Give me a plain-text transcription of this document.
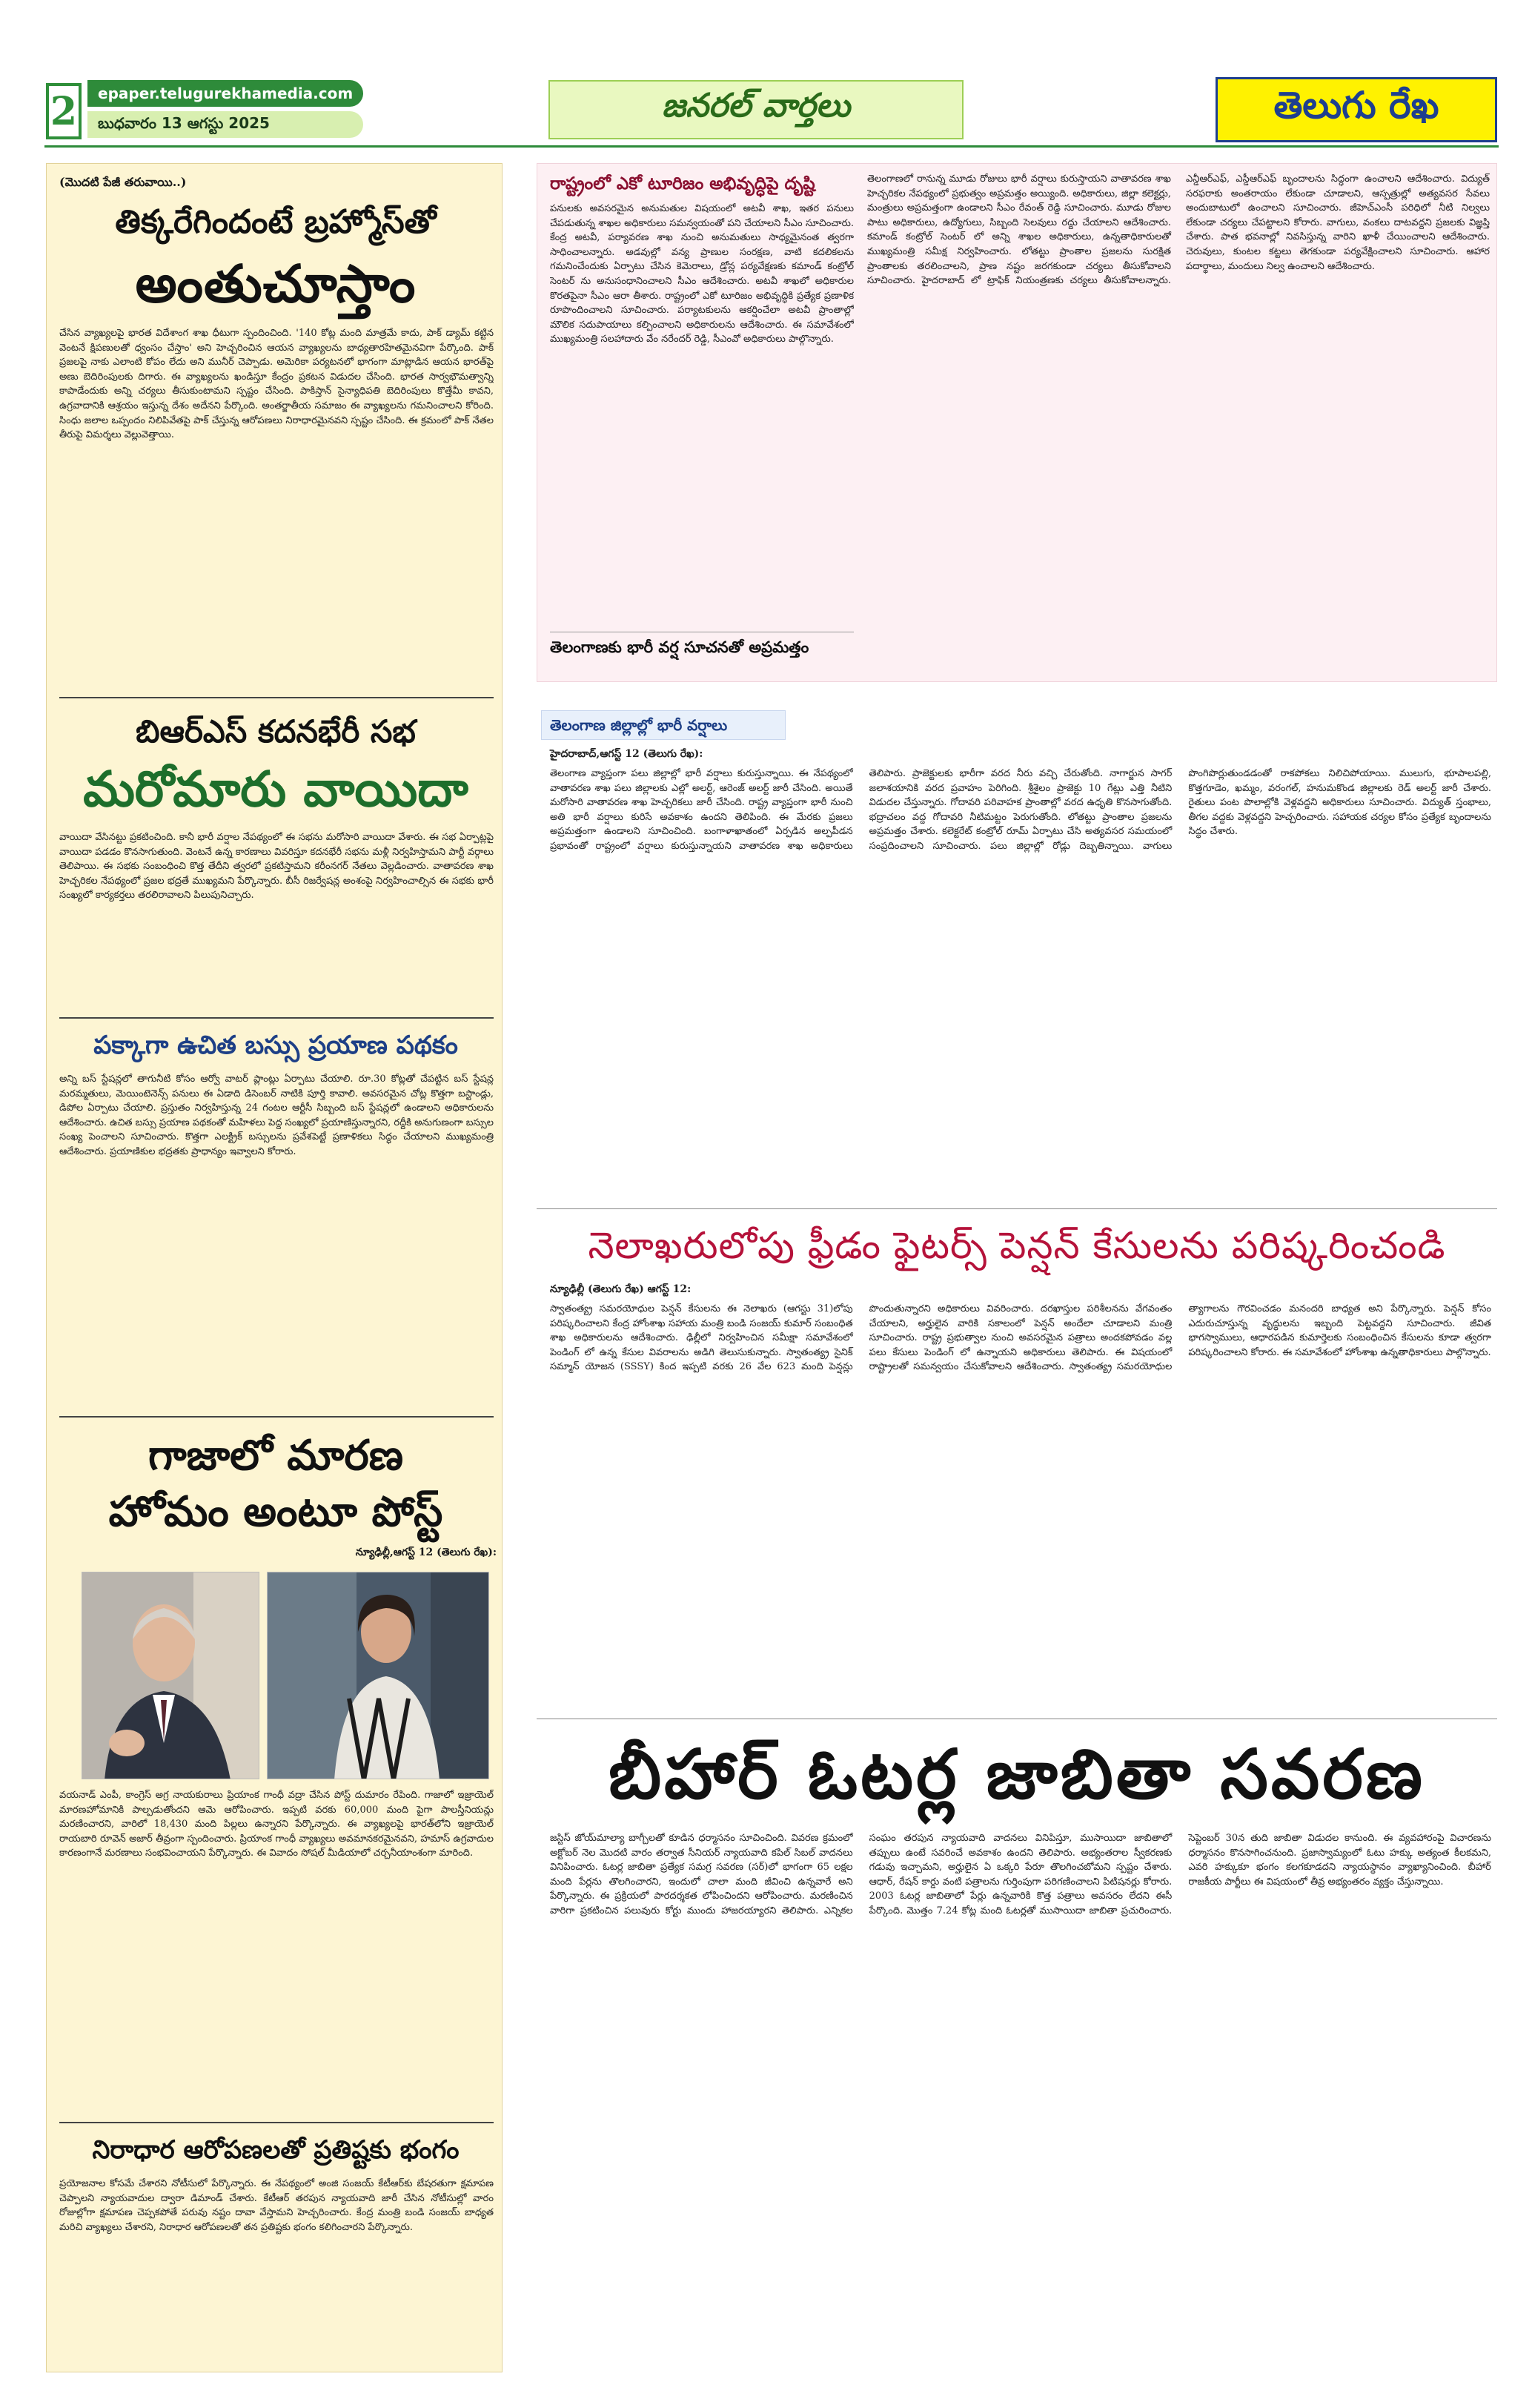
2	epaper.telugurekhamedia.com
బుధవారం 13 ఆగస్టు 2025	జనరల్ వార్తలు	తెలుగు రేఖ
(మొదటి పేజీ తరువాయి..)
తిక్కరేగిందంటే బ్రహ్మోస్‌తో
అంతుచూస్తాం
చేసిన వ్యాఖ్యలపై భారత విదేశాంగ శాఖ ధీటుగా స్పందించింది. '140 కోట్ల మంది మాత్రమే కాదు, పాక్ డ్యామ్ కట్టిన వెంటనే క్షిపణులతో ధ్వంసం చేస్తాం' అని హెచ్చరించిన ఆయన వ్యాఖ్యలను బాధ్యతారహితమైనవిగా పేర్కొంది. పాక్ ప్రజలపై నాకు ఎలాంటి కోపం లేదు అని మునీర్ చెప్పాడు. అమెరికా పర్యటనలో భాగంగా మాట్లాడిన ఆయన భారత్‌పై అణు బెదిరింపులకు దిగారు. ఈ వ్యాఖ్యలను ఖండిస్తూ కేంద్రం ప్రకటన విడుదల చేసింది. భారత సార్వభౌమత్వాన్ని కాపాడేందుకు అన్ని చర్యలు తీసుకుంటామని స్పష్టం చేసింది. పాకిస్తాన్ సైన్యాధిపతి బెదిరింపులు కొత్తేమీ కావని, ఉగ్రవాదానికి ఆశ్రయం ఇస్తున్న దేశం అదేనని పేర్కొంది. అంతర్జాతీయ సమాజం ఈ వ్యాఖ్యలను గమనించాలని కోరింది. సింధు జలాల ఒప్పందం నిలిపివేతపై పాక్ చేస్తున్న ఆరోపణలు నిరాధారమైనవని స్పష్టం చేసింది. ఈ క్రమంలో పాక్ నేతల తీరుపై విమర్శలు వెల్లువెత్తాయి.
బిఆర్ఎస్ కదనభేరీ సభ
మరోమారు వాయిదా
వాయిదా వేసినట్టు ప్రకటించింది. కానీ భారీ వర్షాల నేపథ్యంలో ఈ సభను మరోసారి వాయిదా వేశారు. ఈ సభ ఏర్పాట్లపై వాయిదా పడడం కొనసాగుతుంది. వెంటనే ఉన్న కారణాలు వివరిస్తూ కదనభేరీ సభను మళ్లీ నిర్వహిస్తామని పార్టీ వర్గాలు తెలిపాయి. ఈ సభకు సంబంధించి కొత్త తేదీని త్వరలో ప్రకటిస్తామని కరీంనగర్ నేతలు వెల్లడించారు. వాతావరణ శాఖ హెచ్చరికల నేపథ్యంలో ప్రజల భద్రతే ముఖ్యమని పేర్కొన్నారు. బీసీ రిజర్వేషన్ల అంశంపై నిర్వహించాల్సిన ఈ సభకు భారీ సంఖ్యలో కార్యకర్తలు తరలిరావాలని పిలుపునిచ్చారు.
పక్కాగా ఉచిత బస్సు ప్రయాణ పథకం
అన్ని బస్ స్టేషన్లలో తాగునీటి కోసం ఆర్వో వాటర్ ప్లాంట్లు ఏర్పాటు చేయాలి. రూ.30 కోట్లతో చేపట్టిన బస్ స్టేషన్ల మరమ్మతులు, మెయింటెనెన్స్ పనులు ఈ ఏడాది డిసెంబర్ నాటికి పూర్తి కావాలి. అవసరమైన చోట్ల కొత్తగా బస్టాండ్లు, డిపోల ఏర్పాటు చేయాలి. ప్రస్తుతం నిర్వహిస్తున్న 24 గంటల ఆర్టీసీ సిబ్బంది బస్ స్టేషన్లలో ఉండాలని అధికారులను ఆదేశించారు. ఉచిత బస్సు ప్రయాణ పథకంతో మహిళలు పెద్ద సంఖ్యలో ప్రయాణిస్తున్నారని, రద్దీకి అనుగుణంగా బస్సుల సంఖ్య పెంచాలని సూచించారు. కొత్తగా ఎలక్ట్రిక్ బస్సులను ప్రవేశపెట్టే ప్రణాళికలు సిద్ధం చేయాలని ముఖ్యమంత్రి ఆదేశించారు. ప్రయాణికుల భద్రతకు ప్రాధాన్యం ఇవ్వాలని కోరారు.
గాజాలో మారణ
హోమం అంటూ పోస్ట్
న్యూఢిల్లీ,ఆగస్ట్ 12 (తెలుగు రేఖ):
వయనాడ్ ఎంపీ, కాంగ్రెస్ అగ్ర నాయకురాలు ప్రియాంక గాంధీ వద్రా చేసిన పోస్ట్ దుమారం రేపింది. గాజాలో ఇజ్రాయెల్ మారణహోమానికి పాల్పడుతోందని ఆమె ఆరోపించారు. ఇప్పటి వరకు 60,000 మంది పైగా పాలస్తీనియన్లు మరణించారని, వారిలో 18,430 మంది పిల్లలు ఉన్నారని పేర్కొన్నారు. ఈ వ్యాఖ్యలపై భారత్‌లోని ఇజ్రాయెల్ రాయబారి రూవెన్ అజార్ తీవ్రంగా స్పందించారు. ప్రియాంక గాంధీ వ్యాఖ్యలు అవమానకరమైనవని, హమాస్ ఉగ్రవాదుల కారణంగానే మరణాలు సంభవించాయని పేర్కొన్నారు. ఈ వివాదం సోషల్ మీడియాలో చర్చనీయాంశంగా మారింది.
నిరాధార ఆరోపణలతో ప్రతిష్టకు భంగం
ప్రయోజనాల కోసమే చేశారని నోటీసులో పేర్కొన్నారు. ఈ నేపథ్యంలో అంజి సంజయ్ కేటీఆర్‌కు బేషరతుగా క్షమాపణ చెప్పాలని న్యాయవాదుల ద్వారా డిమాండ్ చేశారు. కేటీఆర్ తరపున న్యాయవాది జారీ చేసిన నోటీసుల్లో వారం రోజుల్లోగా క్షమాపణ చెప్పకపోతే పరువు నష్టం దావా వేస్తామని హెచ్చరించారు. కేంద్ర మంత్రి బండి సంజయ్ బాధ్యత మరిచి వ్యాఖ్యలు చేశారని, నిరాధార ఆరోపణలతో తన ప్రతిష్టకు భంగం కలిగించారని పేర్కొన్నారు.
రాష్ట్రంలో ఎకో టూరిజం అభివృద్ధిపై దృష్టి
పనులకు అవసరమైన అనుమతుల విషయంలో అటవీ శాఖ, ఇతర పనులు చేపడుతున్న శాఖల అధికారులు సమన్వయంతో పని చేయాలని సీఎం సూచించారు. కేంద్ర అటవీ, పర్యావరణ శాఖ నుంచి అనుమతులు సాధ్యమైనంత త్వరగా సాధించాలన్నారు. అడవుల్లో వన్య ప్రాణుల సంరక్షణ, వాటి కదలికలను గమనించేందుకు ఏర్పాటు చేసిన కెమెరాలు, డ్రోన్ల పర్యవేక్షణకు కమాండ్ కంట్రోల్ సెంటర్ ను అనుసంధానించాలని సీఎం ఆదేశించారు. అటవీ శాఖలో అధికారుల కొరతపైనా సీఎం ఆరా తీశారు. రాష్ట్రంలో ఎకో టూరిజం అభివృద్ధికి ప్రత్యేక ప్రణాళిక రూపొందించాలని సూచించారు. పర్యాటకులను ఆకర్షించేలా అటవీ ప్రాంతాల్లో మౌలిక సదుపాయాలు కల్పించాలని అధికారులను ఆదేశించారు. ఈ సమావేశంలో ముఖ్యమంత్రి సలహాదారు వేం నరేందర్ రెడ్డి, సీఎంవో అధికారులు పాల్గొన్నారు.
తెలంగాణకు భారీ వర్ష సూచనతో అప్రమత్తం
తెలంగాణలో రానున్న మూడు రోజులు భారీ వర్షాలు కురుస్తాయని వాతావరణ శాఖ హెచ్చరికల నేపథ్యంలో ప్రభుత్వం అప్రమత్తం అయ్యింది. అధికారులు, జిల్లా కలెక్టర్లు, మంత్రులు అప్రమత్తంగా ఉండాలని సీఎం రేవంత్ రెడ్డి సూచించారు. మూడు రోజుల పాటు అధికారులు, ఉద్యోగులు, సిబ్బంది సెలవులు రద్దు చేయాలని ఆదేశించారు. కమాండ్ కంట్రోల్ సెంటర్ లో అన్ని శాఖల అధికారులు, ఉన్నతాధికారులతో ముఖ్యమంత్రి సమీక్ష నిర్వహించారు. లోతట్టు ప్రాంతాల ప్రజలను సురక్షిత ప్రాంతాలకు తరలించాలని, ప్రాణ నష్టం జరగకుండా చర్యలు తీసుకోవాలని సూచించారు. హైదరాబాద్ లో ట్రాఫిక్ నియంత్రణకు చర్యలు తీసుకోవాలన్నారు. ఎన్డీఆర్ఎఫ్, ఎస్డీఆర్ఎఫ్ బృందాలను సిద్ధంగా ఉంచాలని ఆదేశించారు. విద్యుత్ సరఫరాకు అంతరాయం లేకుండా చూడాలని, ఆస్పత్రుల్లో అత్యవసర సేవలు అందుబాటులో ఉంచాలని సూచించారు. జీహెచ్ఎంసీ పరిధిలో నీటి నిల్వలు లేకుండా చర్యలు చేపట్టాలని కోరారు. వాగులు, వంకలు దాటవద్దని ప్రజలకు విజ్ఞప్తి చేశారు. పాత భవనాల్లో నివసిస్తున్న వారిని ఖాళీ చేయించాలని ఆదేశించారు. చెరువులు, కుంటల కట్టలు తెగకుండా పర్యవేక్షించాలని సూచించారు. ఆహార పదార్థాలు, మందులు నిల్వ ఉంచాలని ఆదేశించారు.
తెలంగాణ జిల్లాల్లో భారీ వర్షాలు
హైదరాబాద్,ఆగస్ట్ 12 (తెలుగు రేఖ):
తెలంగాణ వ్యాప్తంగా పలు జిల్లాల్లో భారీ వర్షాలు కురుస్తున్నాయి. ఈ నేపథ్యంలో వాతావరణ శాఖ పలు జిల్లాలకు ఎల్లో అలర్ట్, ఆరెంజ్ అలర్ట్ జారీ చేసింది. అయితే మరోసారి వాతావరణ శాఖ హెచ్చరికలు జారీ చేసింది. రాష్ట్ర వ్యాప్తంగా భారీ నుంచి అతి భారీ వర్షాలు కురిసే అవకాశం ఉందని తెలిపింది. ఈ మేరకు ప్రజలు అప్రమత్తంగా ఉండాలని సూచించింది. బంగాళాఖాతంలో ఏర్పడిన అల్పపీడన ప్రభావంతో రాష్ట్రంలో వర్షాలు కురుస్తున్నాయని వాతావరణ శాఖ అధికారులు తెలిపారు. ప్రాజెక్టులకు భారీగా వరద నీరు వచ్చి చేరుతోంది. నాగార్జున సాగర్ జలాశయానికి వరద ప్రవాహం పెరిగింది. శ్రీశైలం ప్రాజెక్టు 10 గేట్లు ఎత్తి నీటిని విడుదల చేస్తున్నారు. గోదావరి పరివాహక ప్రాంతాల్లో వరద ఉధృతి కొనసాగుతోంది. భద్రాచలం వద్ద గోదావరి నీటిమట్టం పెరుగుతోంది. లోతట్టు ప్రాంతాల ప్రజలను అప్రమత్తం చేశారు. కలెక్టరేట్ కంట్రోల్ రూమ్ ఏర్పాటు చేసి అత్యవసర సమయంలో సంప్రదించాలని సూచించారు. పలు జిల్లాల్లో రోడ్లు దెబ్బతిన్నాయి. వాగులు పొంగిపొర్లుతుండడంతో రాకపోకలు నిలిచిపోయాయి. ములుగు, భూపాలపల్లి, కొత్తగూడెం, ఖమ్మం, వరంగల్, హనుమకొండ జిల్లాలకు రెడ్ అలర్ట్ జారీ చేశారు. రైతులు పంట పొలాల్లోకి వెళ్లవద్దని అధికారులు సూచించారు. విద్యుత్ స్తంభాలు, తీగల వద్దకు వెళ్లవద్దని హెచ్చరించారు. సహాయక చర్యల కోసం ప్రత్యేక బృందాలను సిద్ధం చేశారు.
నెలాఖరులోపు ఫ్రీడం ఫైటర్స్ పెన్షన్ కేసులను పరిష్కరించండి
న్యూఢిల్లీ (తెలుగు రేఖ) ఆగస్ట్ 12:
స్వాతంత్య్ర సమరయోధుల పెన్షన్ కేసులను ఈ నెలాఖరు (ఆగస్టు 31)లోపు పరిష్కరించాలని కేంద్ర హోంశాఖ సహాయ మంత్రి బండి సంజయ్ కుమార్ సంబంధిత శాఖ అధికారులను ఆదేశించారు. ఢిల్లీలో నిర్వహించిన సమీక్షా సమావేశంలో పెండింగ్ లో ఉన్న కేసుల వివరాలను అడిగి తెలుసుకున్నారు. స్వాతంత్య్ర సైనిక్ సమ్మాన్ యోజన (SSSY) కింద ఇప్పటి వరకు 26 వేల 623 మంది పెన్షన్లు పొందుతున్నారని అధికారులు వివరించారు. దరఖాస్తుల పరిశీలనను వేగవంతం చేయాలని, అర్హులైన వారికి సకాలంలో పెన్షన్ అందేలా చూడాలని మంత్రి సూచించారు. రాష్ట్ర ప్రభుత్వాల నుంచి అవసరమైన పత్రాలు అందకపోవడం వల్ల పలు కేసులు పెండింగ్ లో ఉన్నాయని అధికారులు తెలిపారు. ఈ విషయంలో రాష్ట్రాలతో సమన్వయం చేసుకోవాలని ఆదేశించారు. స్వాతంత్య్ర సమరయోధుల త్యాగాలను గౌరవించడం మనందరి బాధ్యత అని పేర్కొన్నారు. పెన్షన్ కోసం ఎదురుచూస్తున్న వృద్ధులను ఇబ్బంది పెట్టవద్దని సూచించారు. జీవిత భాగస్వాములు, ఆధారపడిన కుమార్తెలకు సంబంధించిన కేసులను కూడా త్వరగా పరిష్కరించాలని కోరారు. ఈ సమావేశంలో హోంశాఖ ఉన్నతాధికారులు పాల్గొన్నారు.
బీహార్ ఓటర్ల జాబితా సవరణ
జస్టిస్ జోయ్‌మాల్యా బాగ్చీలతో కూడిన ధర్మాసనం సూచించింది. వివరణ క్రమంలో అక్టోబర్ నెల మొదటి వారం తర్వాత సీనియర్ న్యాయవాది కపిల్ సిబల్ వాదనలు వినిపించారు. ఓటర్ల జాబితా ప్రత్యేక సమగ్ర సవరణ (సర్)లో భాగంగా 65 లక్షల మంది పేర్లను తొలగించారని, ఇందులో చాలా మంది జీవించి ఉన్నవారే అని పేర్కొన్నారు. ఈ ప్రక్రియలో పారదర్శకత లోపించిందని ఆరోపించారు. మరణించిన వారిగా ప్రకటించిన పలువురు కోర్టు ముందు హాజరయ్యారని తెలిపారు. ఎన్నికల సంఘం తరపున న్యాయవాది వాదనలు వినిపిస్తూ, ముసాయిదా జాబితాలో తప్పులు ఉంటే సవరించే అవకాశం ఉందని తెలిపారు. అభ్యంతరాల స్వీకరణకు గడువు ఇచ్చామని, అర్హులైన ఏ ఒక్కరి పేరూ తొలగించబోమని స్పష్టం చేశారు. ఆధార్, రేషన్ కార్డు వంటి పత్రాలను గుర్తింపుగా పరిగణించాలని పిటిషనర్లు కోరారు. 2003 ఓటర్ల జాబితాలో పేర్లు ఉన్నవారికి కొత్త పత్రాలు అవసరం లేదని ఈసీ పేర్కొంది. మొత్తం 7.24 కోట్ల మంది ఓటర్లతో ముసాయిదా జాబితా ప్రచురించారు. సెప్టెంబర్ 30న తుది జాబితా విడుదల కానుంది. ఈ వ్యవహారంపై విచారణను ధర్మాసనం కొనసాగించనుంది. ప్రజాస్వామ్యంలో ఓటు హక్కు అత్యంత కీలకమని, ఎవరి హక్కుకూ భంగం కలగకూడదని న్యాయస్థానం వ్యాఖ్యానించింది. బీహార్ రాజకీయ పార్టీలు ఈ విషయంలో తీవ్ర అభ్యంతరం వ్యక్తం చేస్తున్నాయి.
